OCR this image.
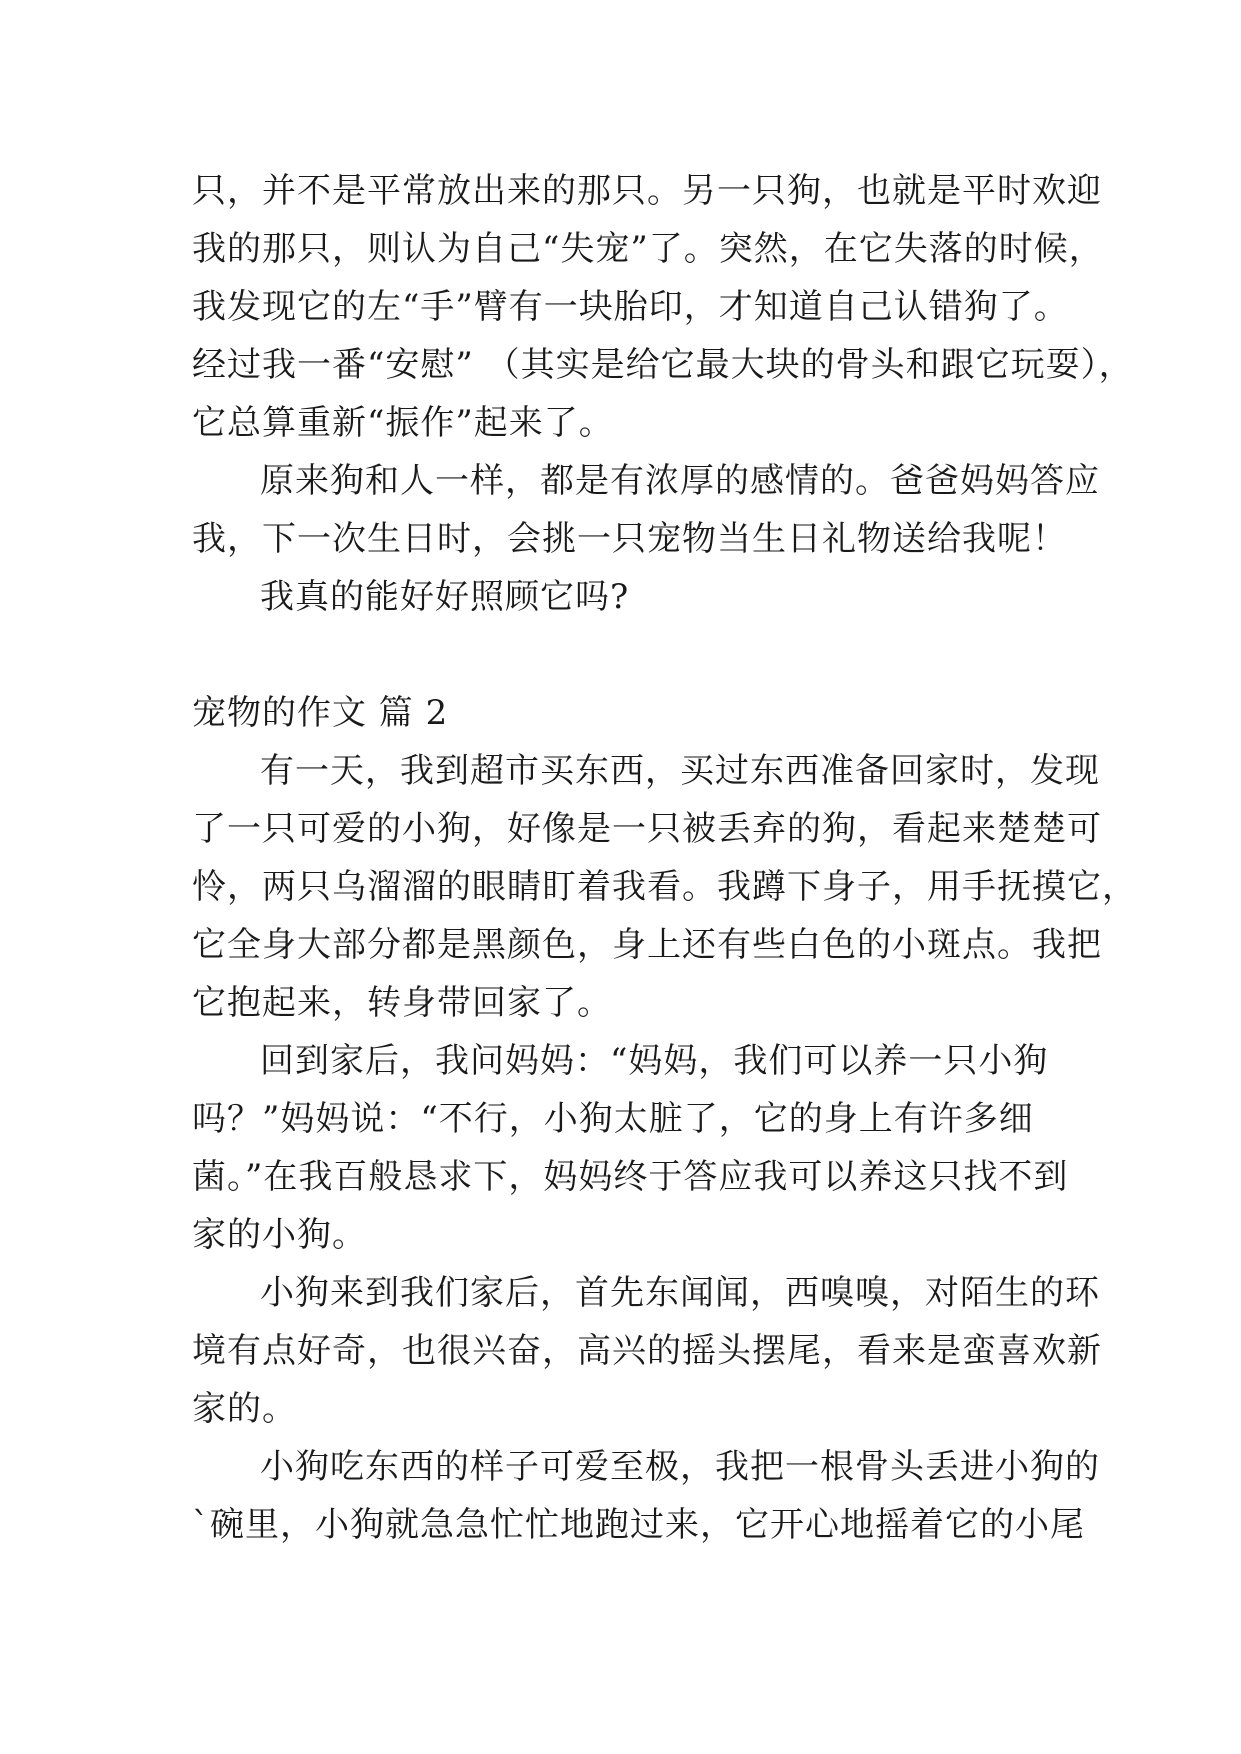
只，并不是平常放出来的那只。另一只狗，也就是平时欢迎
我的那只，则认为自己“失宠”了。突然，在它失落的时候，
我发现它的左“手”臂有一块胎印，才知道自己认错狗了。
经过我一番“安慰” （其实是给它最大块的骨头和跟它玩耍），
它总算重新“振作”起来了。
原来狗和人一样，都是有浓厚的感情的。爸爸妈妈答应
我，下一次生日时，会挑一只宠物当生日礼物送给我呢！
我真的能好好照顾它吗?
宠物的作文 篇 2
有一天，我到超市买东西，买过东西准备回家时，发现
了一只可爱的小狗，好像是一只被丢弃的狗，看起来楚楚可
怜，两只乌溜溜的眼睛盯着我看。我蹲下身子，用手抚摸它，
它全身大部分都是黑颜色，身上还有些白色的小斑点。我把
它抱起来，转身带回家了。
回到家后，我问妈妈：“妈妈，我们可以养一只小狗
吗？”妈妈说：“不行，小狗太脏了，它的身上有许多细
菌。”在我百般恳求下，妈妈终于答应我可以养这只找不到
家的小狗。
小狗来到我们家后，首先东闻闻，西嗅嗅，对陌生的环
境有点好奇，也很兴奋，高兴的摇头摆尾，看来是蛮喜欢新
家的。
小狗吃东西的样子可爱至极，我把一根骨头丢进小狗的
`碗里，小狗就急急忙忙地跑过来，它开心地摇着它的小尾
